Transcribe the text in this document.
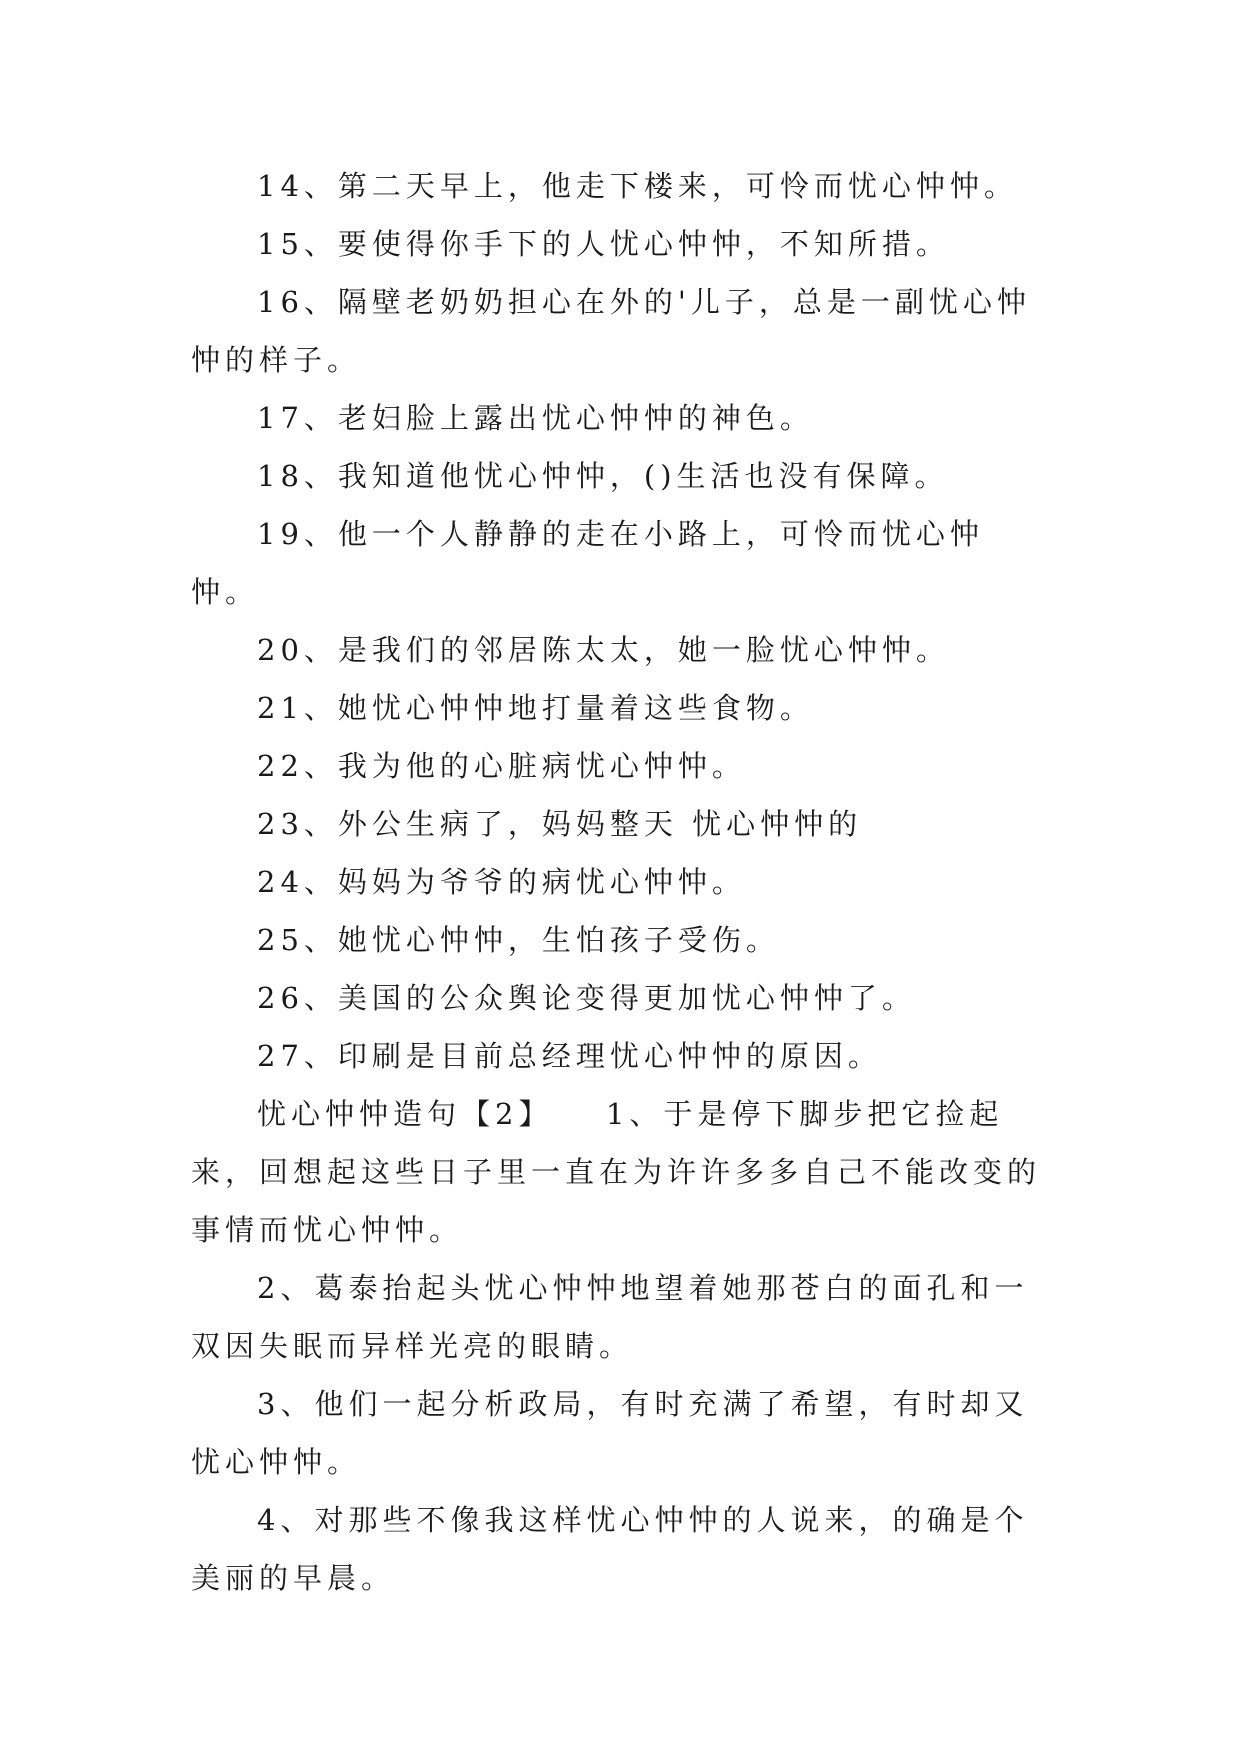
14、第二天早上，他走下楼来，可怜而忧心忡忡。

15、要使得你手下的人忧心忡忡，不知所措。

16、隔壁老奶奶担心在外的'儿子，总是一副忧心忡忡的样子。

17、老妇脸上露出忧心忡忡的神色。

18、我知道他忧心忡忡，()生活也没有保障。

19、他一个人静静的走在小路上，可怜而忧心忡忡。

20、是我们的邻居陈太太，她一脸忧心忡忡。

21、她忧心忡忡地打量着这些食物。

22、我为他的心脏病忧心忡忡。

23、外公生病了，妈妈整天 忧心忡忡的

24、妈妈为爷爷的病忧心忡忡。

25、她忧心忡忡，生怕孩子受伤。

26、美国的公众舆论变得更加忧心忡忡了。

27、印刷是目前总经理忧心忡忡的原因。

忧心忡忡造句【2】　　1、于是停下脚步把它捡起来，回想起这些日子里一直在为许许多多自己不能改变的事情而忧心忡忡。

2、葛泰抬起头忧心忡忡地望着她那苍白的面孔和一双因失眠而异样光亮的眼睛。

3、他们一起分析政局，有时充满了希望，有时却又忧心忡忡。

4、对那些不像我这样忧心忡忡的人说来，的确是个美丽的早晨。
